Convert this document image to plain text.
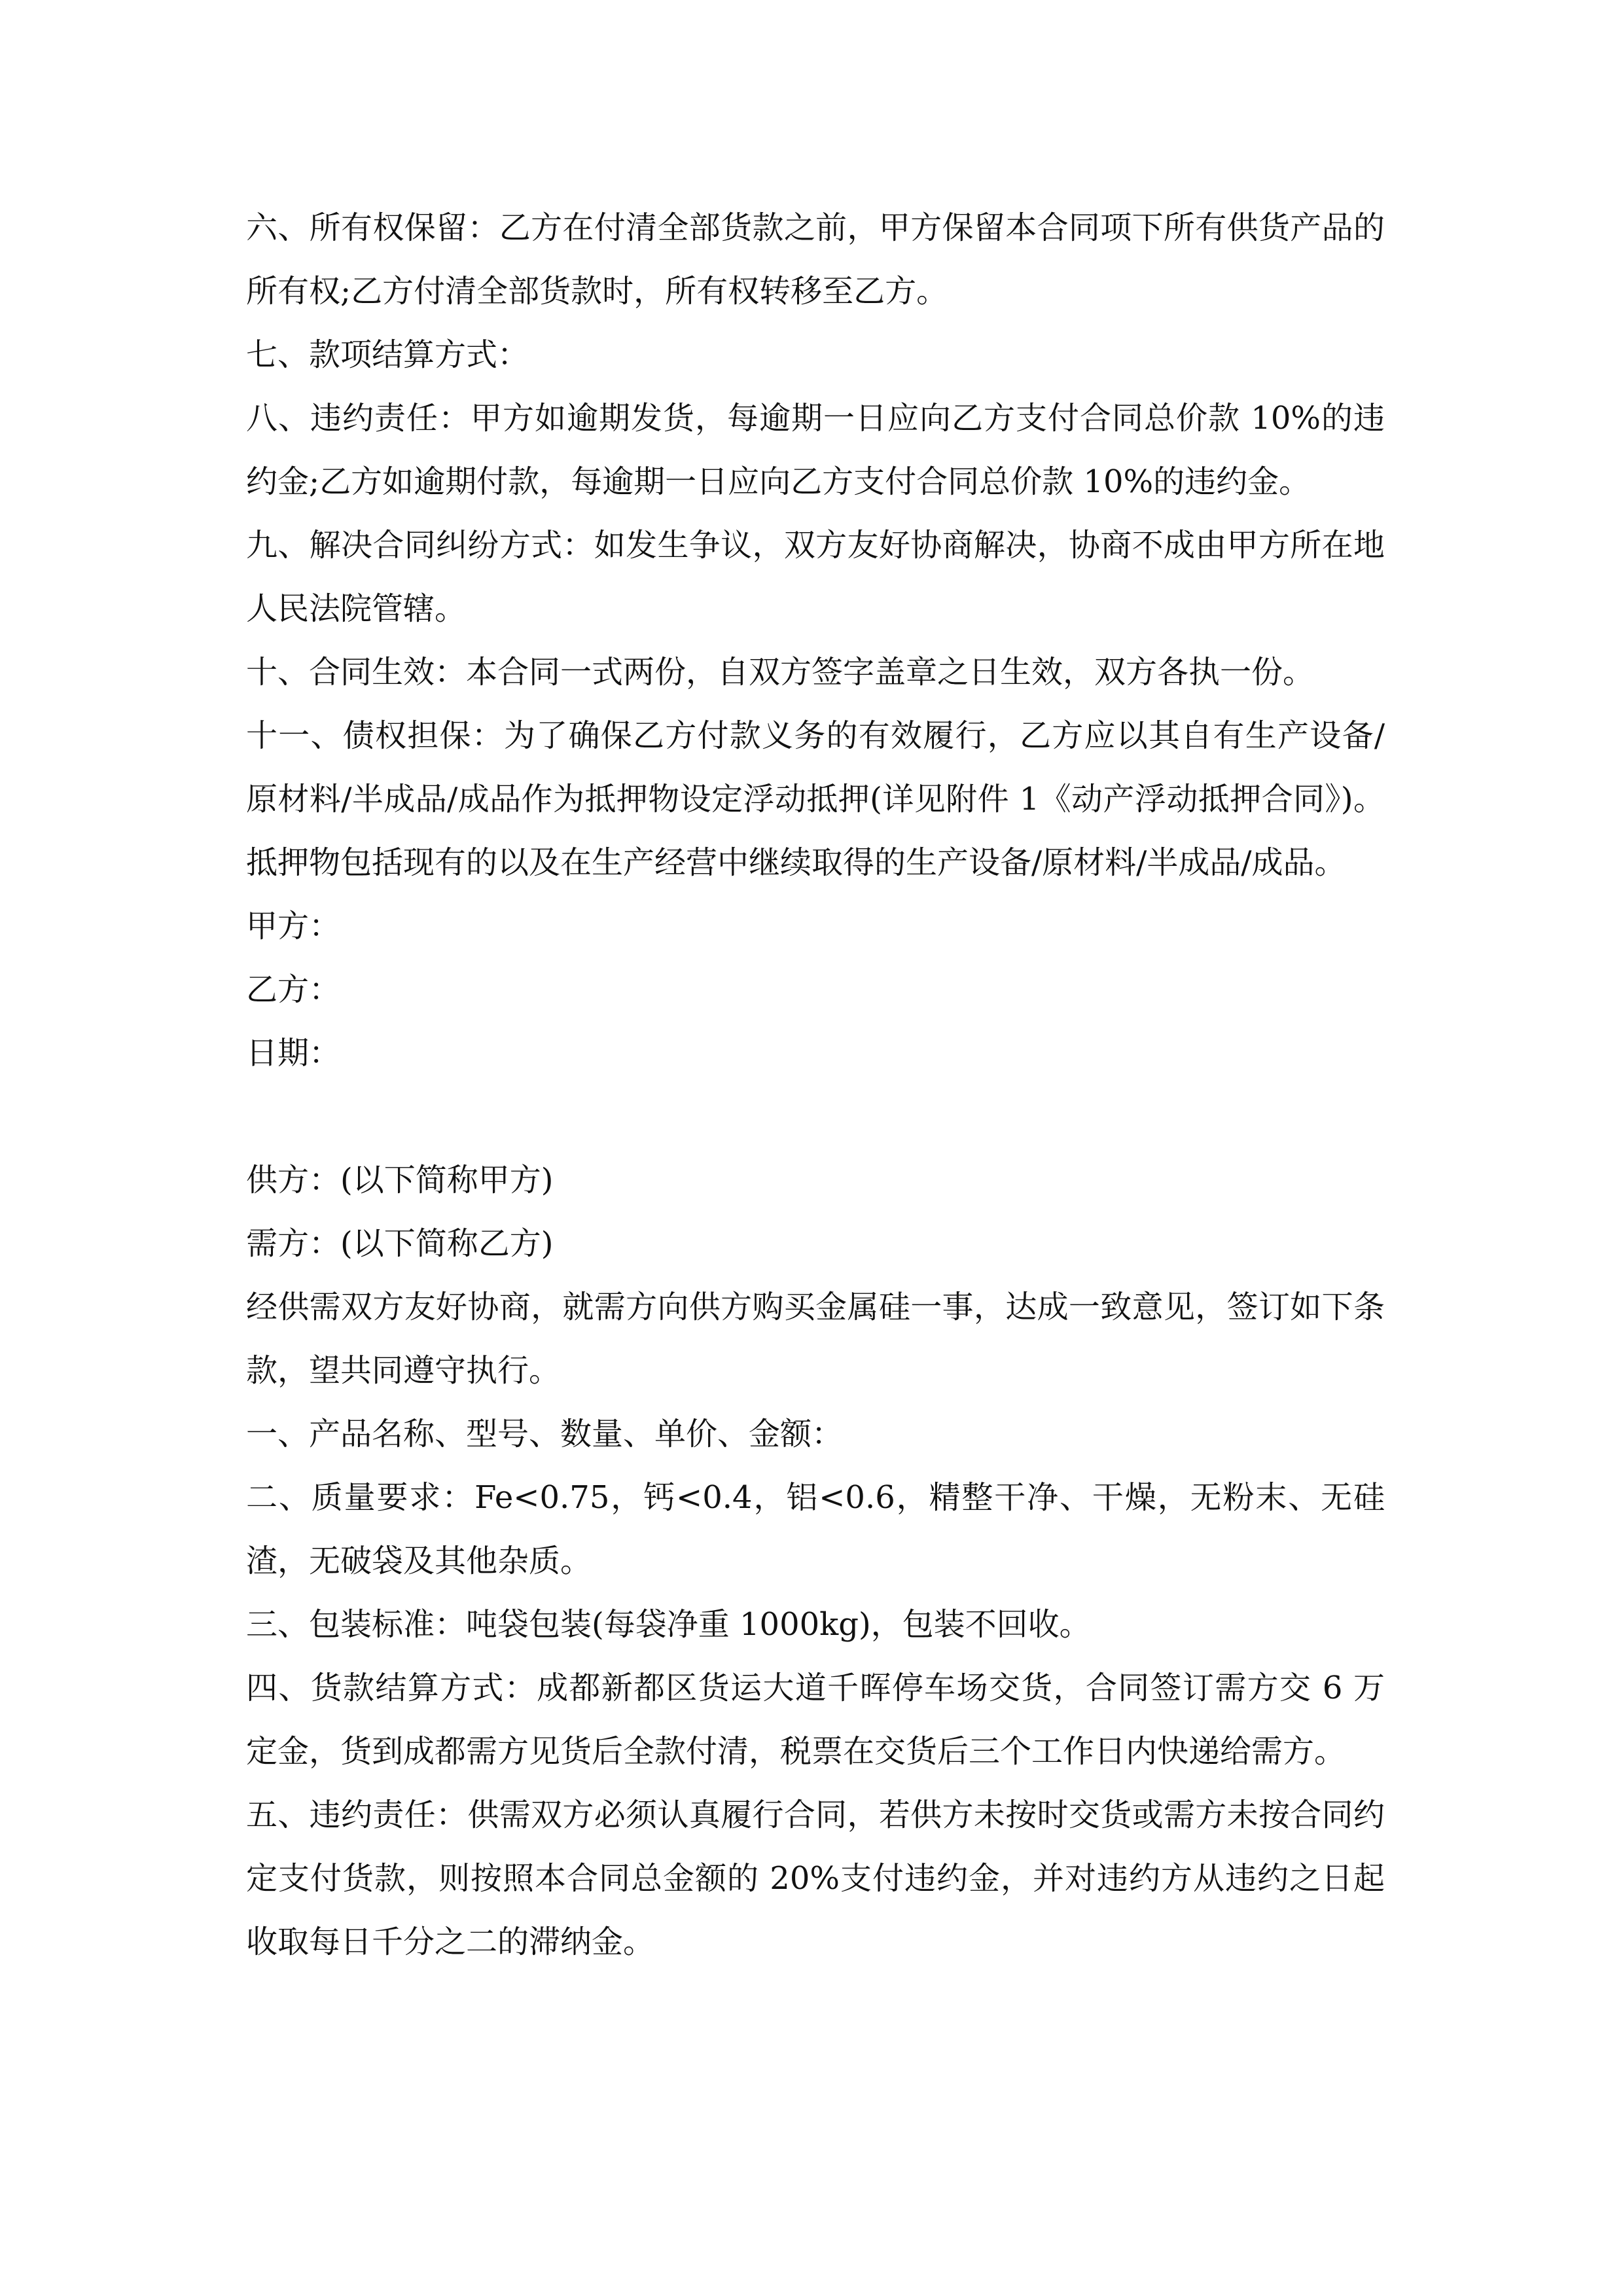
六、所有权保留：乙方在付清全部货款之前，甲方保留本合同项下所有供货产品的所有权;乙方付清全部货款时，所有权转移至乙方。

七、款项结算方式：

八、违约责任：甲方如逾期发货，每逾期一日应向乙方支付合同总价款 10%的违约金;乙方如逾期付款，每逾期一日应向乙方支付合同总价款 10%的违约金。

九、解决合同纠纷方式：如发生争议，双方友好协商解决，协商不成由甲方所在地人民法院管辖。

十、合同生效：本合同一式两份，自双方签字盖章之日生效，双方各执一份。

十一、债权担保：为了确保乙方付款义务的有效履行，乙方应以其自有生产设备/原材料/半成品/成品作为抵押物设定浮动抵押(详见附件 1《动产浮动抵押合同》)。抵押物包括现有的以及在生产经营中继续取得的生产设备/原材料/半成品/成品。

甲方：

乙方：

日期：

供方：(以下简称甲方)

需方：(以下简称乙方)

经供需双方友好协商，就需方向供方购买金属硅一事，达成一致意见，签订如下条款，望共同遵守执行。

一、产品名称、型号、数量、单价、金额：

二、质量要求：Fe<0.75，钙<0.4，铝<0.6，精整干净、干燥，无粉末、无硅渣，无破袋及其他杂质。

三、包装标准：吨袋包装(每袋净重 1000kg)，包装不回收。

四、货款结算方式：成都新都区货运大道千晖停车场交货，合同签订需方交 6 万定金，货到成都需方见货后全款付清，税票在交货后三个工作日内快递给需方。

五、违约责任：供需双方必须认真履行合同，若供方未按时交货或需方未按合同约定支付货款，则按照本合同总金额的 20%支付违约金，并对违约方从违约之日起收取每日千分之二的滞纳金。
